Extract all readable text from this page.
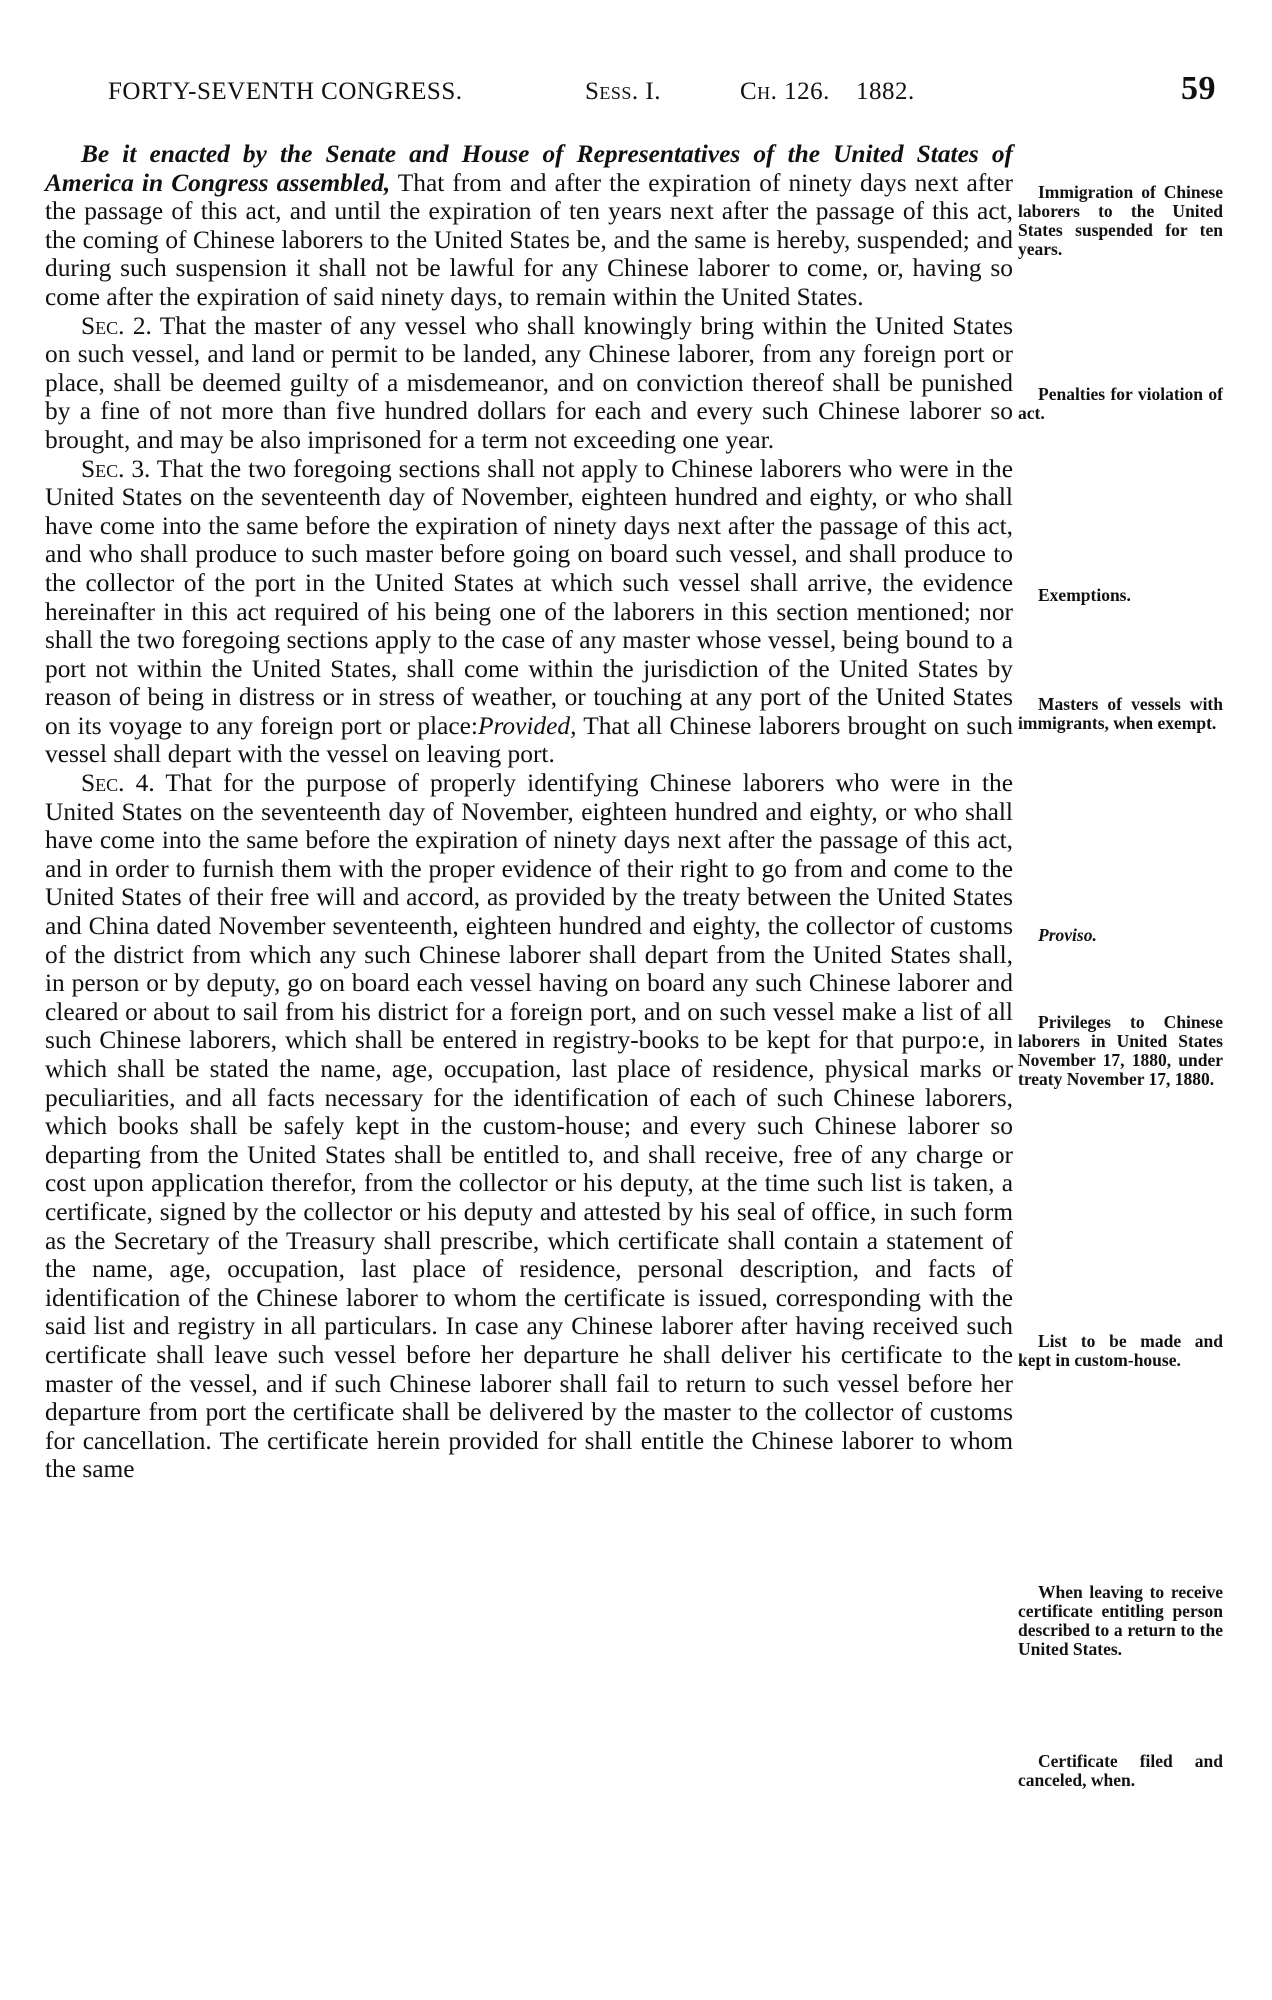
FORTY-SEVENTH CONGRESS.	Sess. I.	Ch. 126. 1882.	59

Be it enacted by the Senate and House of Representatives of the United States of America in Congress assembled, That from and after the expiration of ninety days next after the passage of this act, and until the expiration of ten years next after the passage of this act, the coming of Chinese laborers to the United States be, and the same is hereby, suspended; and during such suspension it shall not be lawful for any Chinese laborer to come, or, having so come after the expiration of said ninety days, to remain within the United States.

Sec. 2. That the master of any vessel who shall knowingly bring within the United States on such vessel, and land or permit to be landed, any Chinese laborer, from any foreign port or place, shall be deemed guilty of a misdemeanor, and on conviction thereof shall be punished by a fine of not more than five hundred dollars for each and every such Chinese laborer so brought, and may be also imprisoned for a term not exceeding one year.

Sec. 3. That the two foregoing sections shall not apply to Chinese laborers who were in the United States on the seventeenth day of November, eighteen hundred and eighty, or who shall have come into the same before the expiration of ninety days next after the passage of this act, and who shall produce to such master before going on board such vessel, and shall produce to the collector of the port in the United States at which such vessel shall arrive, the evidence hereinafter in this act required of his being one of the laborers in this section mentioned; nor shall the two foregoing sections apply to the case of any master whose vessel, being bound to a port not within the United States, shall come within the jurisdiction of the United States by reason of being in distress or in stress of weather, or touching at any port of the United States on its voyage to any foreign port or place:Provided, That all Chinese laborers brought on such vessel shall depart with the vessel on leaving port.

Sec. 4. That for the purpose of properly identifying Chinese laborers who were in the United States on the seventeenth day of November, eighteen hundred and eighty, or who shall have come into the same before the expiration of ninety days next after the passage of this act, and in order to furnish them with the proper evidence of their right to go from and come to the United States of their free will and accord, as provided by the treaty between the United States and China dated November seventeenth, eighteen hundred and eighty, the collector of customs of the district from which any such Chinese laborer shall depart from the United States shall, in person or by deputy, go on board each vessel having on board any such Chinese laborer and cleared or about to sail from his district for a foreign port, and on such vessel make a list of all such Chinese laborers, which shall be entered in registry-books to be kept for that purpo:e, in which shall be stated the name, age, occupation, last place of residence, physical marks or peculiarities, and all facts necessary for the identification of each of such Chinese laborers, which books shall be safely kept in the custom-house; and every such Chinese laborer so departing from the United States shall be entitled to, and shall receive, free of any charge or cost upon application therefor, from the collector or his deputy, at the time such list is taken, a certificate, signed by the collector or his deputy and attested by his seal of office, in such form as the Secretary of the Treasury shall prescribe, which certificate shall contain a statement of the name, age, occupation, last place of residence, personal description, and facts of identification of the Chinese laborer to whom the certificate is issued, corresponding with the said list and registry in all particulars. In case any Chinese laborer after having received such certificate shall leave such vessel before her departure he shall deliver his certificate to the master of the vessel, and if such Chinese laborer shall fail to return to such vessel before her departure from port the certificate shall be delivered by the master to the collector of customs for cancellation. The certificate herein provided for shall entitle the Chinese laborer to whom the same

Immigration of Chinese laborers to the United States suspended for ten years.
Penalties for violation of act.
Exemptions.
Masters of vessels with immigrants, when exempt.
Proviso.
Privileges to Chinese laborers in United States November 17, 1880, under treaty November 17, 1880.
List to be made and kept in custom-house.
When leaving to receive certificate entitling person described to a return to the United States.
Certificate filed and canceled, when.
